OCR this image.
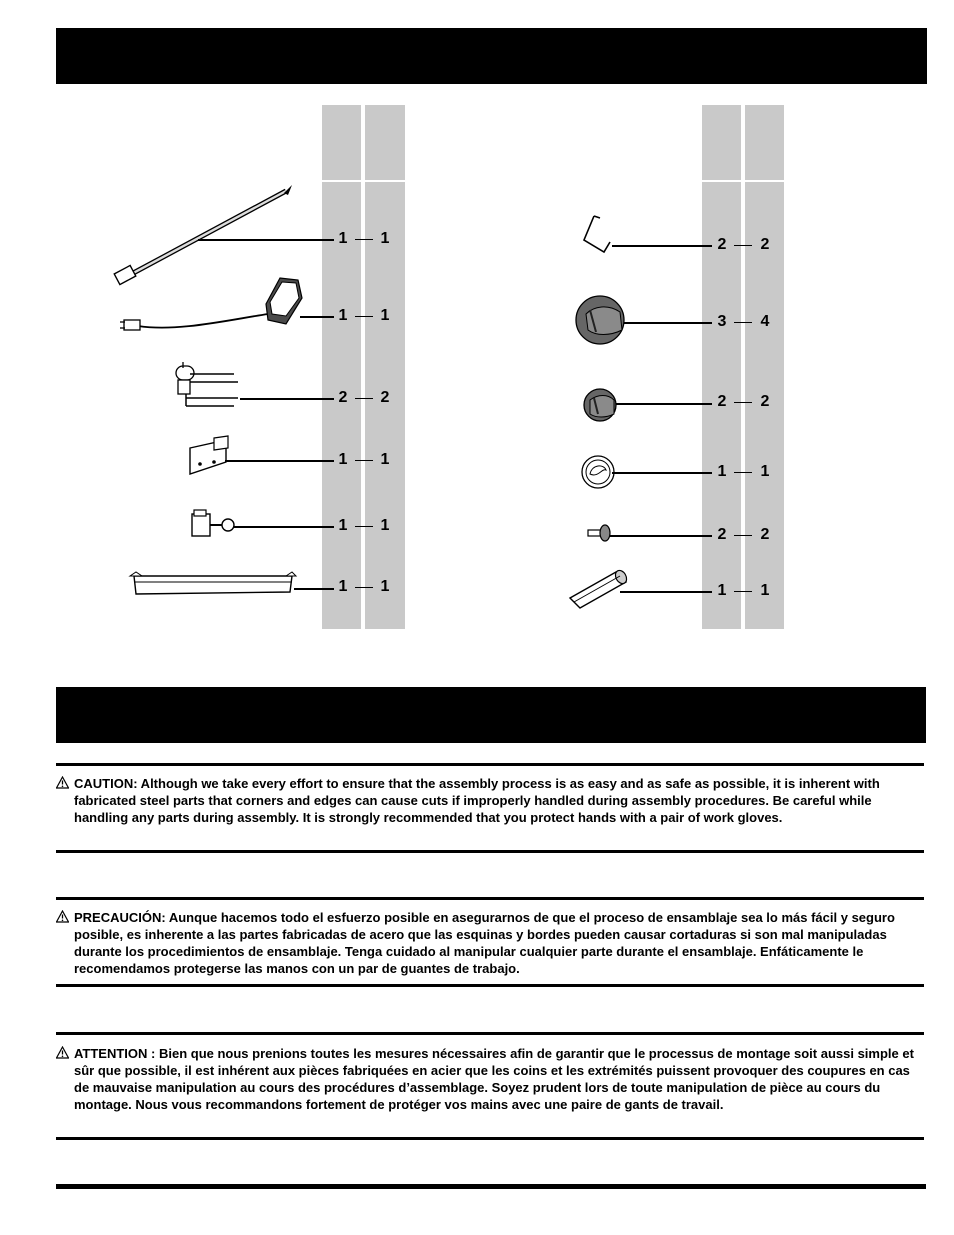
1 1
1 1
2 2
1 1
1 1
1 1
2 2
3 4
2 2
1 1
2 2
1 1

CAUTION: Although we take every effort to ensure that the assembly process is as easy and as safe as possible, it is inherent with fabricated steel parts that corners and edges can cause cuts if improperly handled during assembly procedures. Be careful while handling any parts during assembly. It is strongly recommended that you protect hands with a pair of work gloves.

PRECAUCIÓN: Aunque hacemos todo el esfuerzo posible en asegurarnos de que el proceso de ensamblaje sea lo más fácil y seguro posible, es inherente a las partes fabricadas de acero que las esquinas y bordes pueden causar cortaduras si son mal manipuladas durante los procedimientos de ensamblaje. Tenga cuidado al manipular cualquier parte durante el ensamblaje. Enfáticamente le recomendamos protegerse las manos con un par de guantes de trabajo.

ATTENTION : Bien que nous prenions toutes les mesures nécessaires afin de garantir que le processus de montage soit aussi simple et sûr que possible, il est inhérent aux pièces fabriquées en acier que les coins et les extrémités puissent provoquer des coupures en cas de mauvaise manipulation au cours des procédures d’assemblage. Soyez prudent lors de toute manipulation de pièce au cours du montage. Nous vous recommandons fortement de protéger vos mains avec une paire de gants de travail.
